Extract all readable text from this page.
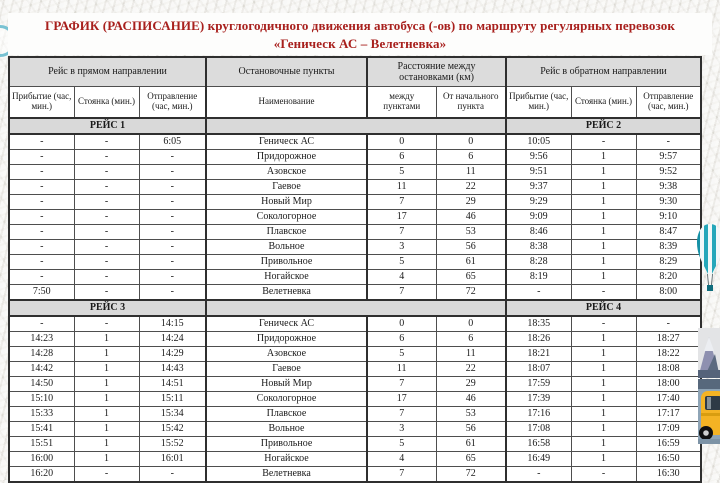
ГРАФИК (РАСПИСАНИЕ) круглогодичного движения автобуса (-ов) по маршруту регулярных перевозок
«Геническ АС – Велетневка»
Рейс в прямом направлении			Остановочные пункты	Расстояние между остановками (км)		Рейс в обратном направлении		
Прибытие (час, мин.)	Стоянка (мин.)	Отправление (час, мин.)	Наименование	между пунктами	От начального пункта	Прибытие (час, мин.)	Стоянка (мин.)	Отправление (час, мин.)
РЕЙС 1						РЕЙС 2		
-	-	6:05	Геническ АС	0	0	10:05	-	-
-	-	-	Придорожное	6	6	9:56	1	9:57
-	-	-	Азовское	5	11	9:51	1	9:52
-	-	-	Гаевое	11	22	9:37	1	9:38
-	-	-	Новый Мир	7	29	9:29	1	9:30
-	-	-	Сокологорное	17	46	9:09	1	9:10
-	-	-	Плавское	7	53	8:46	1	8:47
-	-	-	Вольное	3	56	8:38	1	8:39
-	-	-	Привольное	5	61	8:28	1	8:29
-	-	-	Ногайское	4	65	8:19	1	8:20
7:50	-	-	Велетневка	7	72	-	-	8:00
РЕЙС 3						РЕЙС 4		
-	-	14:15	Геническ АС	0	0	18:35	-	-
14:23	1	14:24	Придорожное	6	6	18:26	1	18:27
14:28	1	14:29	Азовское	5	11	18:21	1	18:22
14:42	1	14:43	Гаевое	11	22	18:07	1	18:08
14:50	1	14:51	Новый Мир	7	29	17:59	1	18:00
15:10	1	15:11	Сокологорное	17	46	17:39	1	17:40
15:33	1	15:34	Плавское	7	53	17:16	1	17:17
15:41	1	15:42	Вольное	3	56	17:08	1	17:09
15:51	1	15:52	Привольное	5	61	16:58	1	16:59
16:00	1	16:01	Ногайское	4	65	16:49	1	16:50
16:20	-	-	Велетневка	7	72	-	-	16:30
